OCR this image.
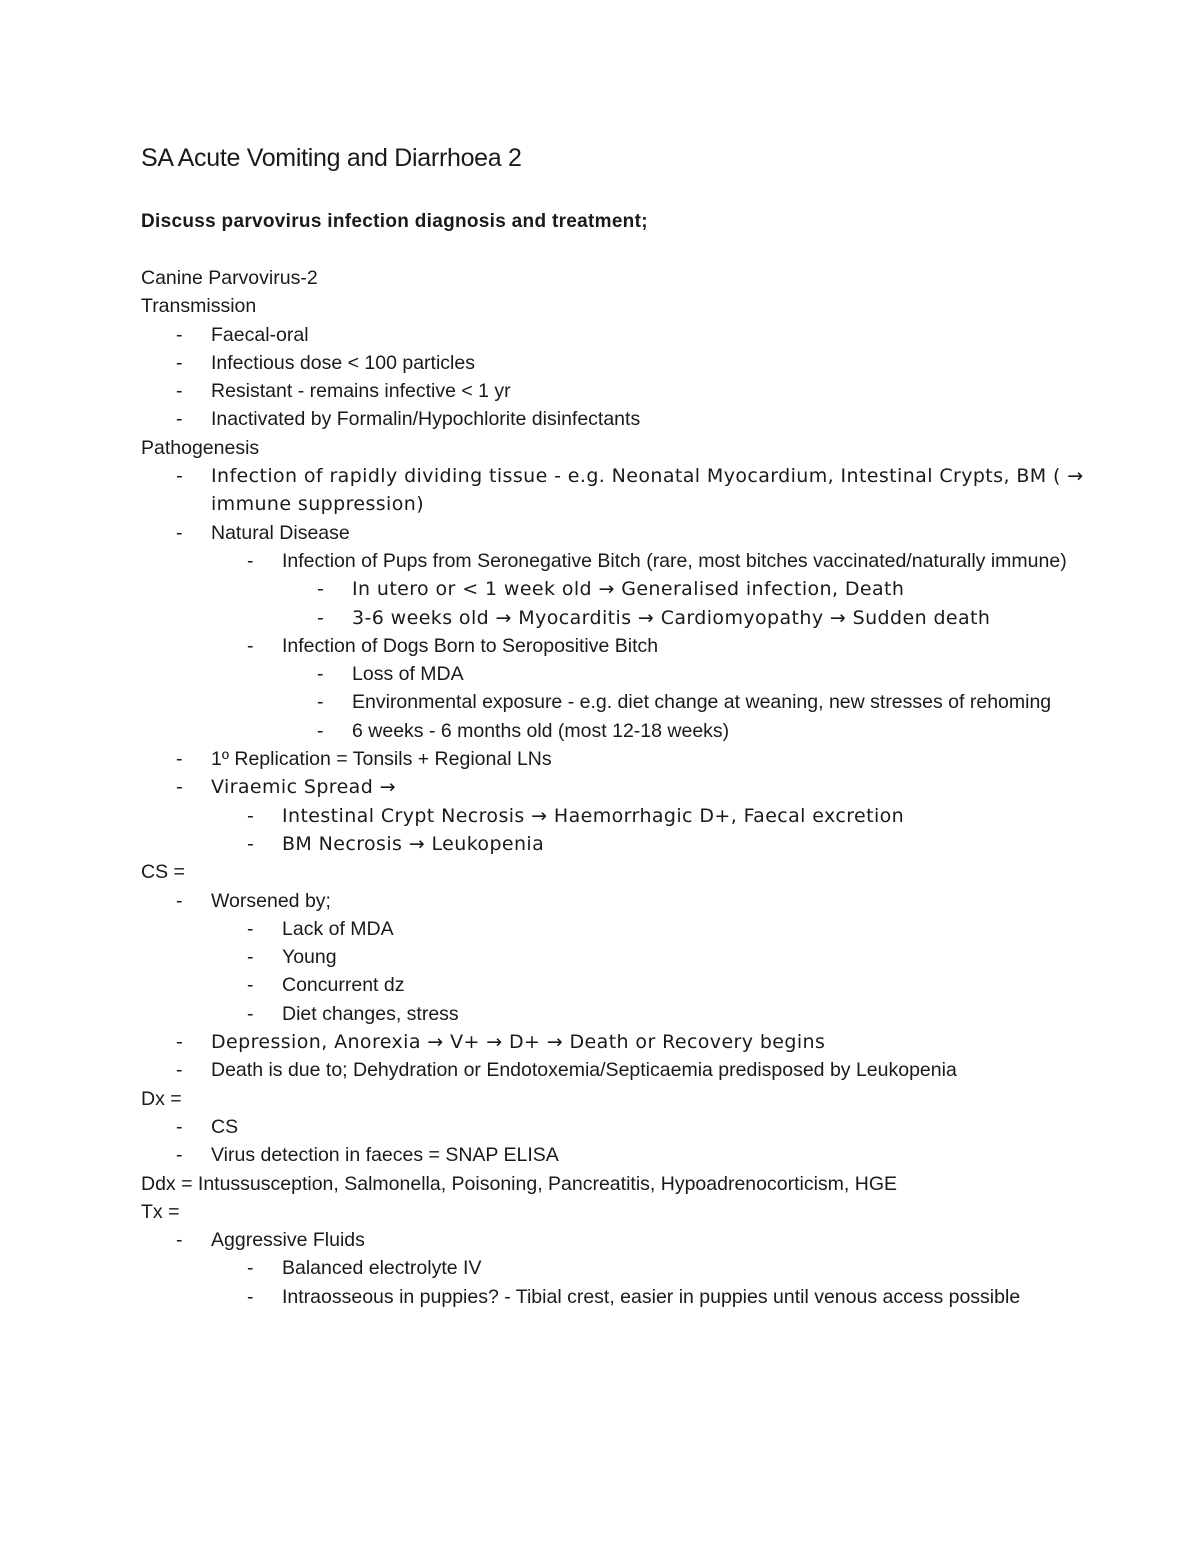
SA Acute Vomiting and Diarrhoea 2

Discuss parvovirus infection diagnosis and treatment;

Canine Parvovirus-2
Transmission
- Faecal-oral
- Infectious dose < 100 particles
- Resistant - remains infective < 1 yr
- Inactivated by Formalin/Hypochlorite disinfectants
Pathogenesis
- Infection of rapidly dividing tissue - e.g. Neonatal Myocardium, Intestinal Crypts, BM ( → immune suppression)
- Natural Disease
- Infection of Pups from Seronegative Bitch (rare, most bitches vaccinated/naturally immune)
- In utero or < 1 week old → Generalised infection, Death
- 3-6 weeks old → Myocarditis → Cardiomyopathy → Sudden death
- Infection of Dogs Born to Seropositive Bitch
- Loss of MDA
- Environmental exposure - e.g. diet change at weaning, new stresses of rehoming
- 6 weeks - 6 months old (most 12-18 weeks)
- 1º Replication = Tonsils + Regional LNs
- Viraemic Spread →
- Intestinal Crypt Necrosis → Haemorrhagic D+, Faecal excretion
- BM Necrosis → Leukopenia
CS =
- Worsened by;
- Lack of MDA
- Young
- Concurrent dz
- Diet changes, stress
- Depression, Anorexia → V+ → D+ → Death or Recovery begins
- Death is due to; Dehydration or Endotoxemia/Septicaemia predisposed by Leukopenia
Dx =
- CS
- Virus detection in faeces = SNAP ELISA
Ddx = Intussusception, Salmonella, Poisoning, Pancreatitis, Hypoadrenocorticism, HGE
Tx =
- Aggressive Fluids
- Balanced electrolyte IV
- Intraosseous in puppies? - Tibial crest, easier in puppies until venous access possible
